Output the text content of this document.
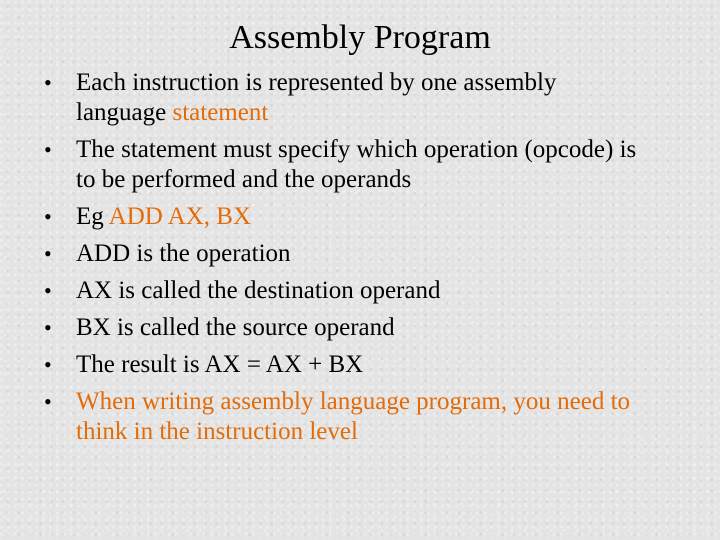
Assembly Program
• Each instruction is represented by one assembly language statement
• The statement must specify which operation (opcode) is to be performed and the operands
• Eg ADD AX, BX
• ADD is the operation
• AX is called the destination operand
• BX is called the source operand
• The result is AX = AX + BX
• When writing assembly language program, you need to think in the instruction level
